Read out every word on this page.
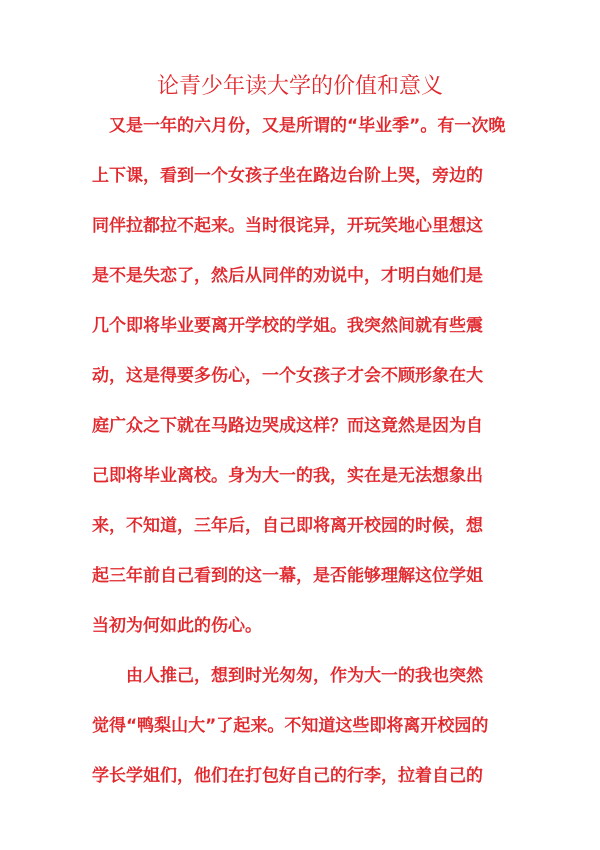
论青少年读大学的价值和意义
又是一年的六月份，又是所谓的“毕业季”。有一次晚
上下课，看到一个女孩子坐在路边台阶上哭，旁边的
同伴拉都拉不起来。当时很诧异，开玩笑地心里想这
是不是失恋了，然后从同伴的劝说中，才明白她们是
几个即将毕业要离开学校的学姐。我突然间就有些震
动，这是得要多伤心，一个女孩子才会不顾形象在大
庭广众之下就在马路边哭成这样？而这竟然是因为自
己即将毕业离校。身为大一的我，实在是无法想象出
来，不知道，三年后，自己即将离开校园的时候，想
起三年前自己看到的这一幕，是否能够理解这位学姐
当初为何如此的伤心。
由人推己，想到时光匆匆，作为大一的我也突然
觉得“鸭梨山大”了起来。不知道这些即将离开校园的
学长学姐们，他们在打包好自己的行李，拉着自己的
